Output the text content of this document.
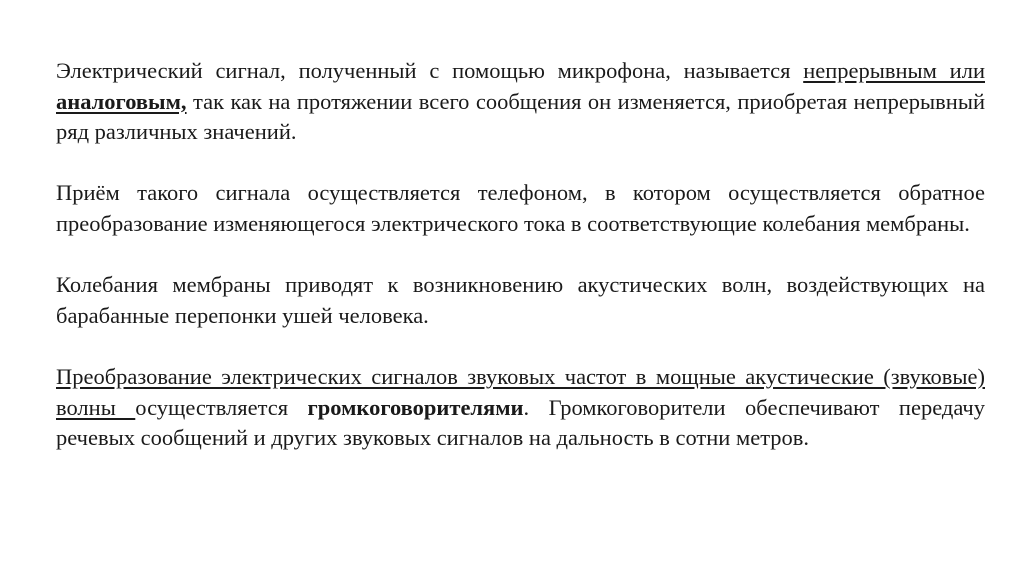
Электрический сигнал, полученный с помощью микрофона, называется непрерывным или аналоговым, так как на протяжении всего сообщения он изменяется, приобретая непрерывный ряд различных значений.

Приём такого сигнала осуществляется телефоном, в котором осуществляется обратное преобразование изменяющегося электрического тока в соответствующие колебания мембраны.

Колебания мембраны приводят к возникновению акустических волн, воздействующих на барабанные перепонки ушей человека.

Преобразование электрических сигналов звуковых частот в мощные акустические (звуковые) волны осуществляется громкоговорителями. Громкоговорители обеспечивают передачу речевых сообщений и других звуковых сигналов на дальность в сотни метров.
